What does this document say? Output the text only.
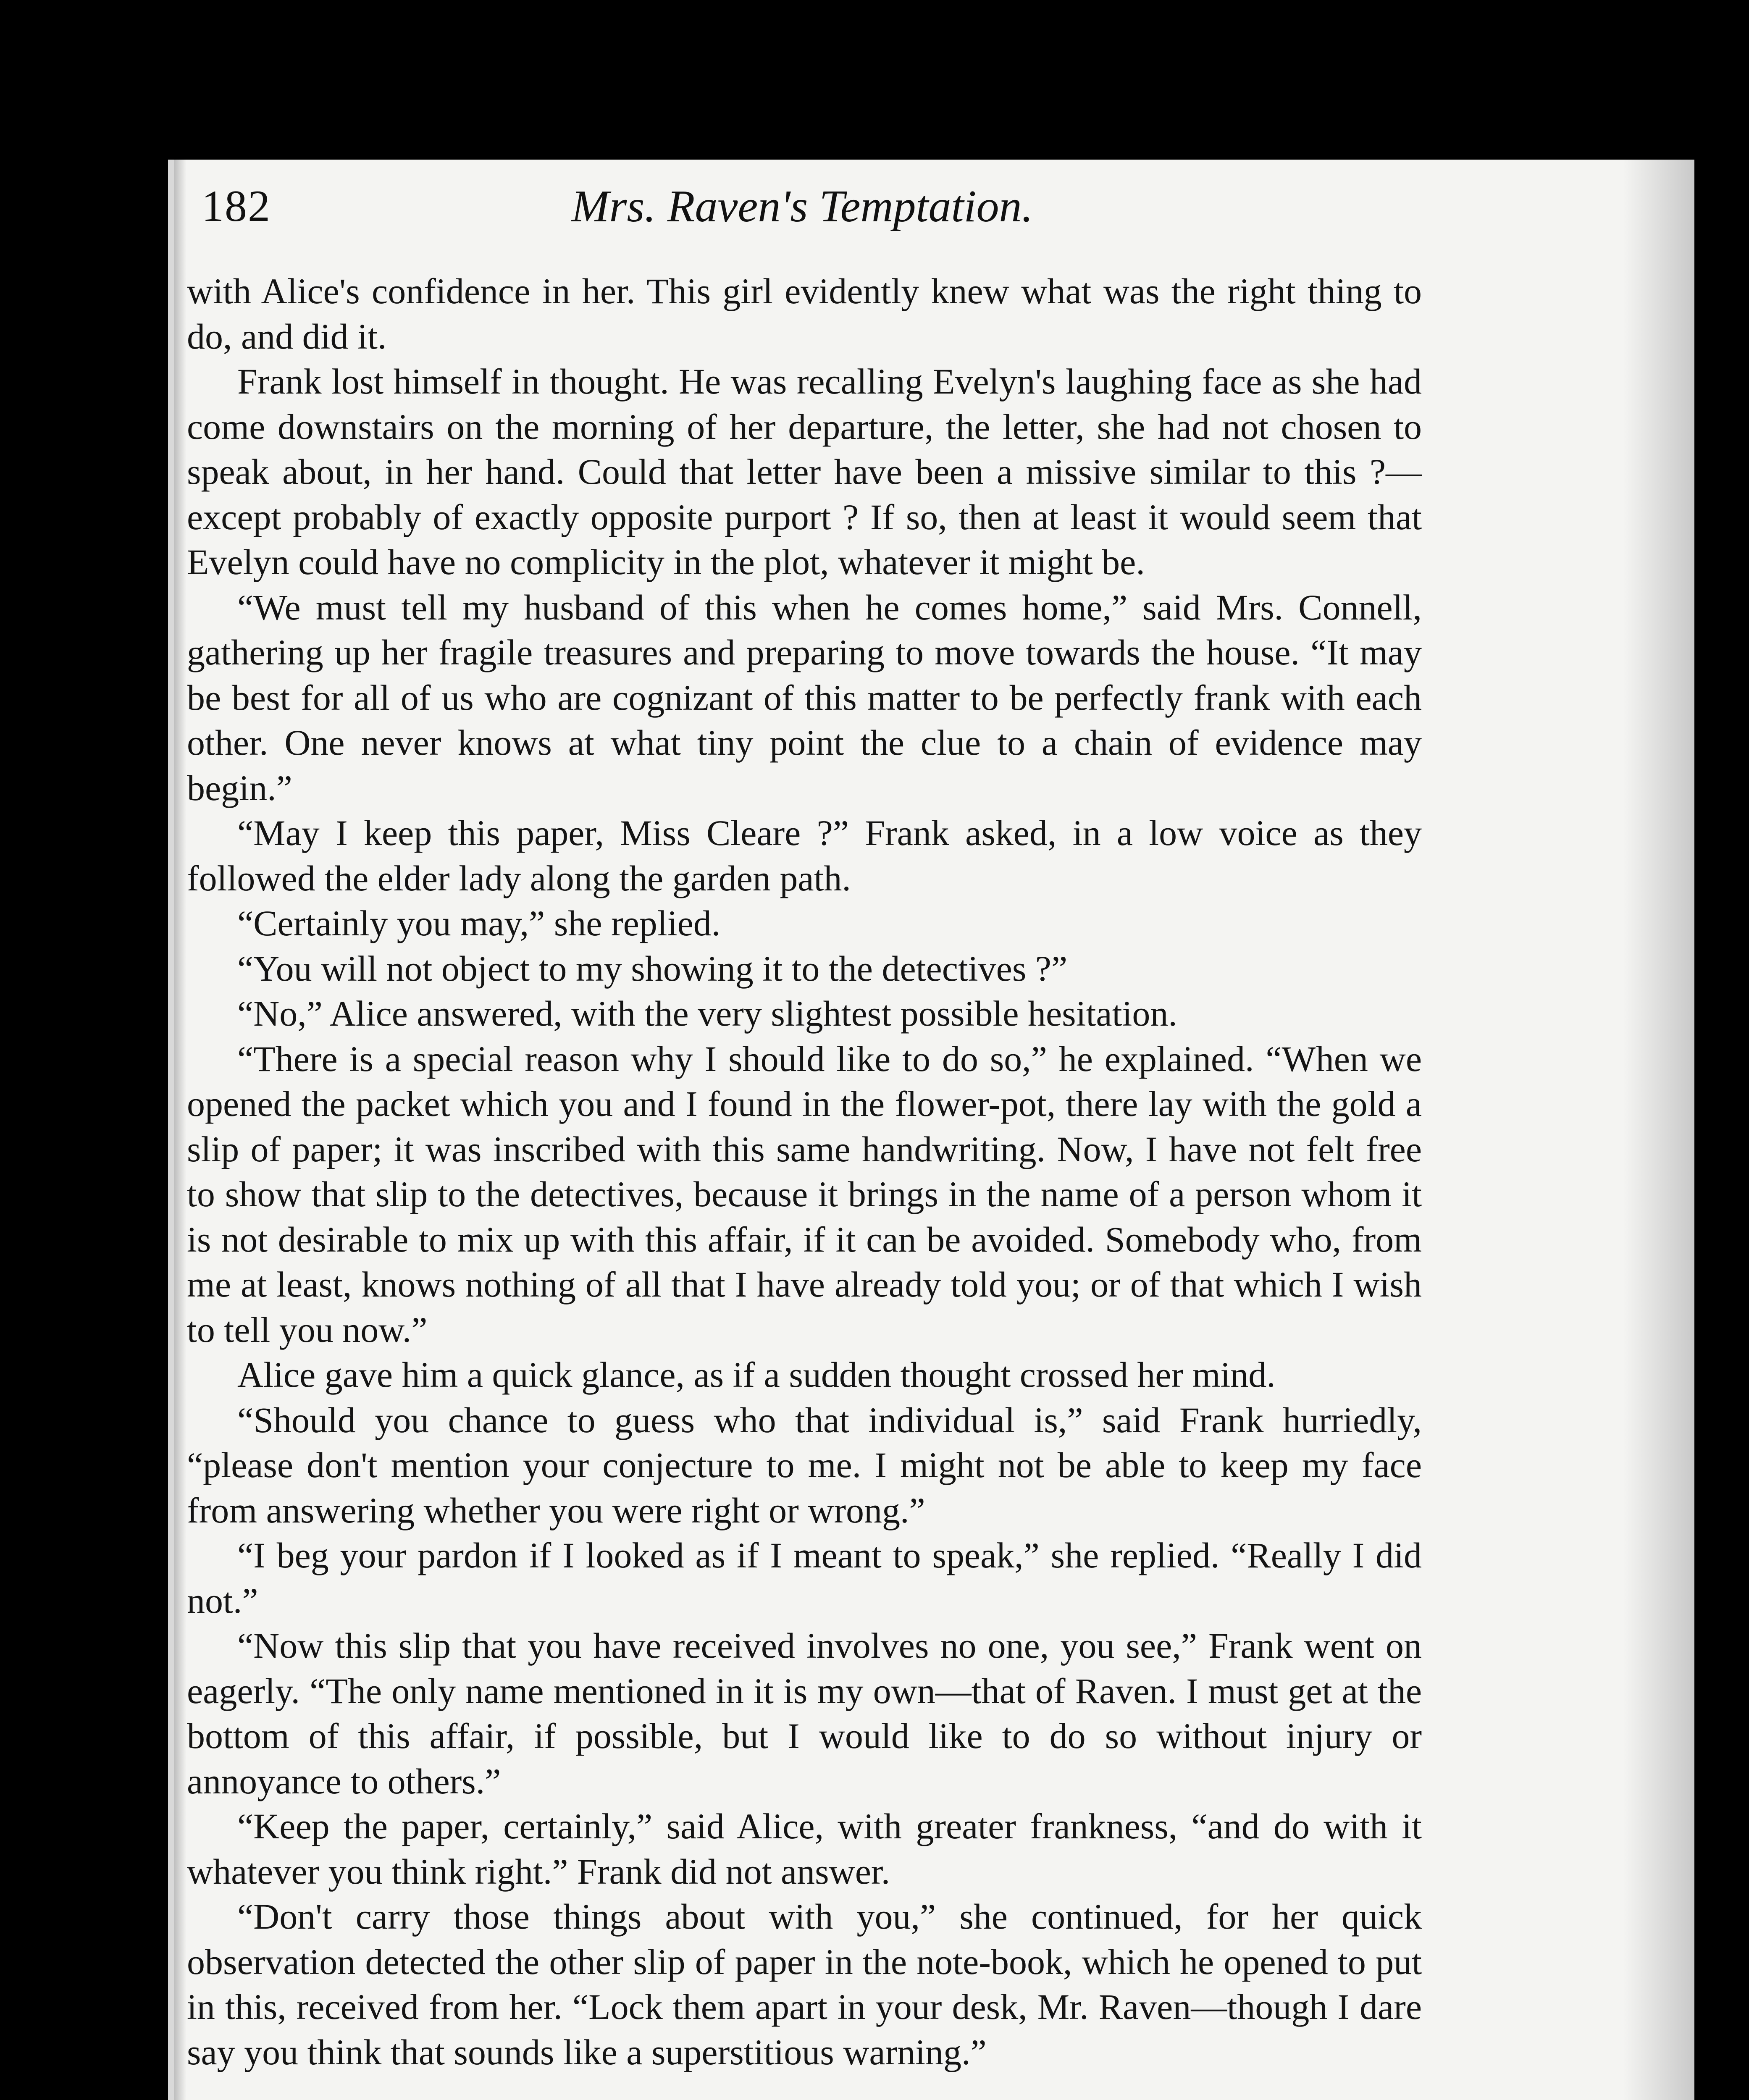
182	Mrs. Raven's Temptation.

with Alice's confidence in her. This girl evidently knew what was the right thing to do, and did it.

Frank lost himself in thought. He was recalling Evelyn's laughing face as she had come downstairs on the morning of her departure, the letter, she had not chosen to speak about, in her hand. Could that letter have been a missive similar to this ?—except probably of exactly opposite purport ? If so, then at least it would seem that Evelyn could have no complicity in the plot, whatever it might be.

“We must tell my husband of this when he comes home,” said Mrs. Connell, gathering up her fragile treasures and preparing to move towards the house. “It may be best for all of us who are cognizant of this matter to be perfectly frank with each other. One never knows at what tiny point the clue to a chain of evidence may begin.”

“May I keep this paper, Miss Cleare ?” Frank asked, in a low voice as they followed the elder lady along the garden path.

“Certainly you may,” she replied.

“You will not object to my showing it to the detectives ?”

“No,” Alice answered, with the very slightest possible hesitation.

“There is a special reason why I should like to do so,” he explained. “When we opened the packet which you and I found in the flower-pot, there lay with the gold a slip of paper; it was inscribed with this same handwriting. Now, I have not felt free to show that slip to the detectives, because it brings in the name of a person whom it is not desirable to mix up with this affair, if it can be avoided. Somebody who, from me at least, knows nothing of all that I have already told you; or of that which I wish to tell you now.”

Alice gave him a quick glance, as if a sudden thought crossed her mind.

“Should you chance to guess who that individual is,” said Frank hurriedly, “please don't mention your conjecture to me. I might not be able to keep my face from answering whether you were right or wrong.”

“I beg your pardon if I looked as if I meant to speak,” she replied. “Really I did not.”

“Now this slip that you have received involves no one, you see,” Frank went on eagerly. “The only name mentioned in it is my own—that of Raven. I must get at the bottom of this affair, if possible, but I would like to do so without injury or annoyance to others.”

“Keep the paper, certainly,” said Alice, with greater frankness, “and do with it whatever you think right.” Frank did not answer.

“Don't carry those things about with you,” she continued, for her quick observation detected the other slip of paper in the note-book, which he opened to put in this, received from her. “Lock them apart in your desk, Mr. Raven—though I dare say you think that sounds like a superstitious warning.”
